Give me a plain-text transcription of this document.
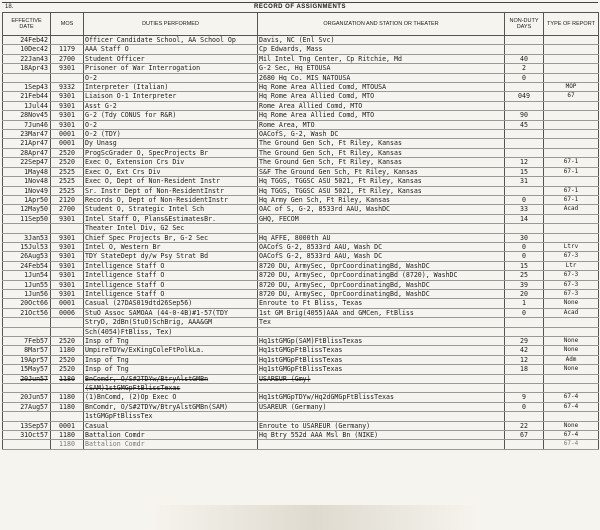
18.	RECORD OF ASSIGNMENTS
EFFECTIVE DATE	MOS	DUTIES PERFORMED	ORGANIZATION AND STATION OR THEATER	NON-DUTY DAYS	TYPE OF REPORT
24Feb42		Officer Candidate School, AA School Op	Davis, NC (Enl Svc)		
10Dec42	1179	AAA Staff O	Cp Edwards, Mass		
22Jan43	2700	Student Officer	Mil Intel Tng Center, Cp Ritchie, Md	40	
18Apr43	9301	Prisoner of War Interrogation	G-2 Sec, Hq ETOUSA	2	
		O-2	2680 Hq Co. MIS NATOUSA	0	
1Sep43	9332	Interpreter (Italian)	Hq Rome Area Allied Comd, MTOUSA		MOP
21Feb44	9301	Liaison O-1 Interpreter	Hq Rome Area Allied Comd, MTO	049	67
1Jul44	9301	Asst G-2	Rome Area Allied Comd, MTO		
28Nov45	9301	G-2 (Tdy CONUS for R&R)	Hq Rome Area Allied Comd, MTO	90	
7Jun46	9301	O-2	Rome Area, MTO	45	
23Mar47	0001	O-2 (TDY)	OACofS, G-2, Wash DC		
21Apr47	0001	Dy Unasg	The Ground Gen Sch, Ft Riley, Kansas		
28Apr47	2520	ProgScGrader O, SpecProjects Br	The Ground Gen Sch, Ft Riley, Kansas		
22Sep47	2520	Exec O, Extension Crs Div	The Ground Gen Sch, Ft Riley, Kansas	12	67-1
1May48	2525	Exec O, Ext Crs Div	S&F The Ground Gen Sch, Ft Riley, Kansas	15	67-1
1Nov48	2525	Exec O, Dept of Non-Resident Instr	Hq TGGS, TGGSC ASU 5021, Ft Riley, Kansas	31	
1Nov49	2525	Sr. Instr Dept of Non-ResidentInstr	Hq TGGS, TGGSC ASU 5021, Ft Riley, Kansas		67-1
1Apr50	2120	Records O, Dept of Non-ResidentInstr	Hq Army Gen Sch, Ft Riley, Kansas	0	67-1
12May50	2700	Student O, Strategic Intel Sch	OAC of S, G-2, 8533rd AAU, WashDC	33	Acad
11Sep50	9301	Intel Staff O, Plans&EstimatesBr.	GHQ, FECOM	14	
		Theater Intel Div, G2 Sec			
3Jan53	9301	Chief Spec Projects Br, G-2 Sec	Hq AFFE, 8000th AU	30	
15Jul53	9301	Intel O, Western Br	OACofS G-2, 8533rd AAU, Wash DC	0	Ltrv
26Aug53	9301	TDY StateDept dy/w Psy Strat Bd	OACofS G-2, 8533rd AAU, Wash DC	0	67-3
24Feb54	9301	Intelligence Staff O	8720 DU, ArmySec, OprCoordinatingBd, WashDC	15	Ltr
1Jun54	9301	Intelligence Staff O	8720 DU, ArmySec, OprCoordinatingBd (8720), WashDC	25	67-3
1Jun55	9301	Intelligence Staff O	8720 DU, ArmySec, OprCoordinatingBd, WashDC	39	67-3
1Jun56	9301	Intelligence Staff O	8720 DU, ArmySec, OprCoordinatingBd, WashDC	20	67-3
20Oct66	0001	Casual (27DAS019dtd26Sep56)	Enroute to Ft Bliss, Texas	1	None
21Oct56	0006	StuO Assoc SAMOAA (44-0-4B)#1-57(TDY	1st GM Brig(4055)AAA and GMCen, FtBliss	0	Acad
		StryD, 2dBn(StuO)SchBrig, AAA&GM	Tex		
		Sch(4054)FtBliss, Tex)			
7Feb57	2520	Insp of Tng	Hq1stGMGp(SAM)FtBlissTexas	29	None
8Mar57	1180	UmpireTDYw/ExKingColeFtPolkLa.	Hq1stGMGpFtBlissTexas	42	None
19Apr57	2520	Insp of Tng	Hq1stGMGpFtBlissTexas	12	Adm
15May57	2520	Insp of Tng	Hq1stGMGpFtBlissTexas	18	None
20Jun57	1180	BnComdr, O/S#2TDYw/BtryAlstGMBn	USAREUR (Gmy)		
		(SAM)1stGMGpFtBlissTexas			
20Jun57	1180	(1)BnComd, (2)Op Exec O	Hq1stGMGpTDYw/Hq2dGMGpFtBlissTexas	9	67-4
27Aug57	1180	BnComdr, O/S#2TDYw/BtryAlstGMBn(SAM)	USAREUR (Germany)	0	67-4
		1stGMGpFtBlissTex			
13Sep57	0001	Casual	Enroute to USAREUR (Germany)	22	None
31Oct57	1180	Battalion Comdr	Hq Btry 552d AAA Msl Bn (NIKE)	67	67-4
	1180	Battalion Comdr			67-4
